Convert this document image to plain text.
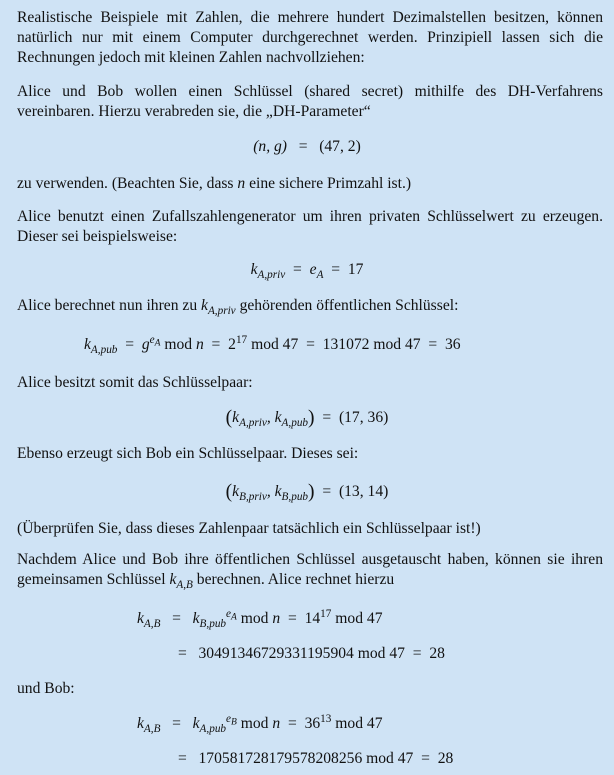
Realistische Beispiele mit Zahlen, die mehrere hundert Dezimalstellen besitzen, können natürlich nur mit einem Computer durchgerechnet werden. Prinzipiell lassen sich die Rechnungen jedoch mit kleinen Zahlen nachvollziehen:

Alice und Bob wollen einen Schlüssel (shared secret) mithilfe des DH-Verfahrens vereinbaren. Hierzu verabreden sie, die „DH-Parameter“

(n, g)   =   (47, 2)

zu verwenden. (Beachten Sie, dass n eine sichere Primzahl ist.)

Alice benutzt einen Zufallszahlengenerator um ihren privaten Schlüsselwert zu erzeugen. Dieser sei beispielsweise:

$k_{A,priv} = e_A = 17$

Alice berechnet nun ihren zu $k_{A,priv}$ gehörenden öffentlichen Schlüssel:

$k_{A,pub} = g^{e_A}$ mod $n = 2^{17}$ mod 47  =  131072 mod 47  =  36

Alice besitzt somit das Schlüsselpaar:

($k_{A,priv}$, $k_{A,pub}) = (17$, 36)

Ebenso erzeugt sich Bob ein Schlüsselpaar. Dieses sei:

($k_{B,priv}$, $k_{B,pub}) = (13$, 14)

(Überprüfen Sie, dass dieses Zahlenpaar tatsächlich ein Schlüsselpaar ist!)

Nachdem Alice und Bob ihre öffentlichen Schlüssel ausgetauscht haben, können sie ihren gemeinsamen Schlüssel $k_{A,B}$ berechnen. Alice rechnet hierzu

$k_{A,B} = k_{B,pub}^{e_A}$ mod $n = 14^{17}$ mod 47
=   30491346729331195904 mod 47  =  28

und Bob:

$k_{A,B} = k_{A,pub}^{e_B}$ mod $n = 36^{13}$ mod 47
=   170581728179578208256 mod 47  =  28
